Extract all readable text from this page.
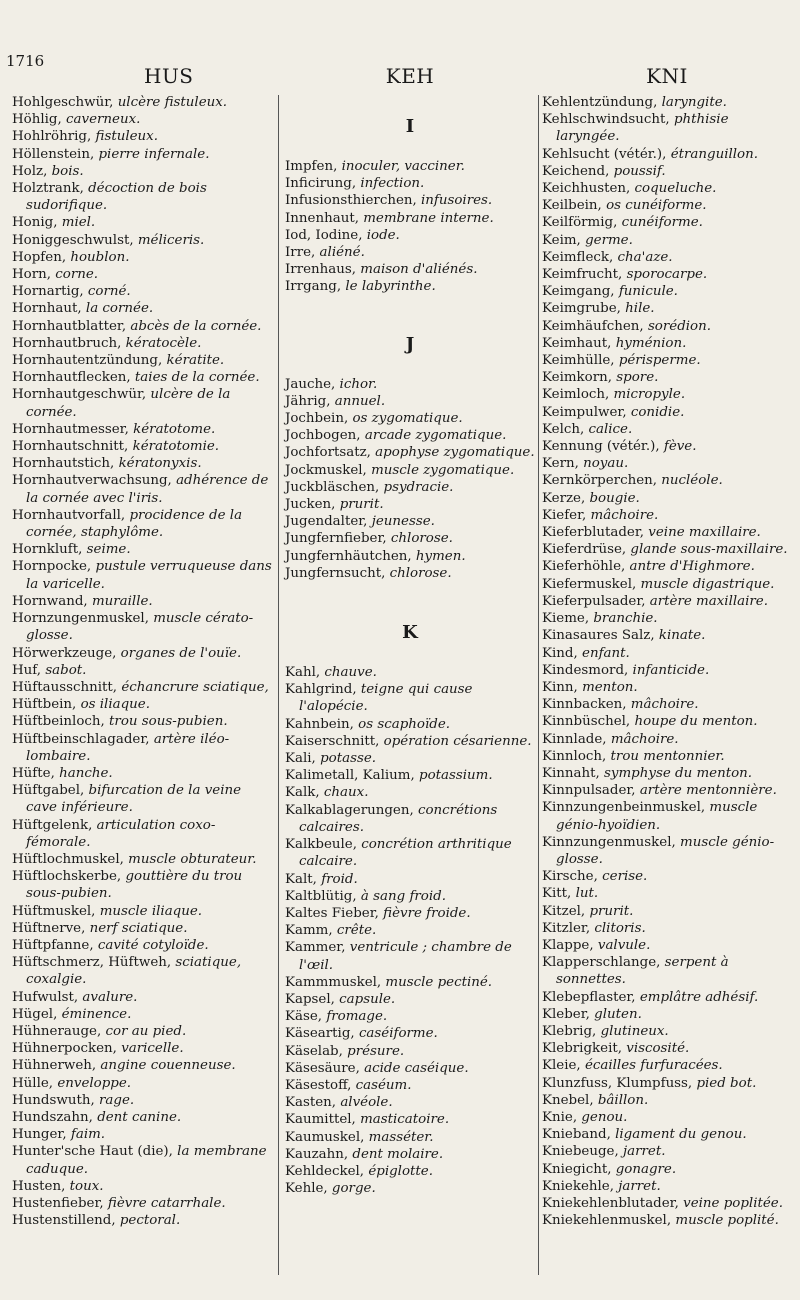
1716
HUS
Hohlgeschwür, ulcère fistuleux.
Höhlig, caverneux.
Hohlröhrig, fistuleux.
Höllenstein, pierre infernale.
Holz, bois.
Holztrank, décoction de bois sudorifique.
Honig, miel.
Honiggeschwulst, méliceris.
Hopfen, houblon.
Horn, corne.
Hornartig, corné.
Hornhaut, la cornée.
Hornhautblatter, abcès de la cornée.
Hornhautbruch, kératocèle.
Hornhautentzündung, kératite.
Hornhautflecken, taies de la cornée.
Hornhautgeschwür, ulcère de la cornée.
Hornhautmesser, kératotome.
Hornhautschnitt, kératotomie.
Hornhautstich, kératonyxis.
Hornhautverwachsung, adhérence de la cornée avec l'iris.
Hornhautvorfall, procidence de la cornée, staphylôme.
Hornkluft, seime.
Hornpocke, pustule verruqueuse dans la varicelle.
Hornwand, muraille.
Hornzungenmuskel, muscle cérato-glosse.
Hörwerkzeuge, organes de l'ouïe.
Huf, sabot.
Hüftausschnitt, échancrure sciatique,
Hüftbein, os iliaque.
Hüftbeinloch, trou sous-pubien.
Hüftbeinschlagader, artère iléo-lombaire.
Hüfte, hanche.
Hüftgabel, bifurcation de la veine cave inférieure.
Hüftgelenk, articulation coxo-fémorale.
Hüftlochmuskel, muscle obturateur.
Hüftlochskerbe, gouttière du trou sous-pubien.
Hüftmuskel, muscle iliaque.
Hüftnerve, nerf sciatique.
Hüftpfanne, cavité cotyloïde.
Hüftschmerz, Hüftweh, sciatique, coxalgie.
Hufwulst, avalure.
Hügel, éminence.
Hühnerauge, cor au pied.
Hühnerpocken, varicelle.
Hühnerweh, angine couenneuse.
Hülle, enveloppe.
Hundswuth, rage.
Hundszahn, dent canine.
Hunger, faim.
Hunter'sche Haut (die), la membrane caduque.
Husten, toux.
Hustenfieber, fièvre catarrhale.
Hustenstillend, pectoral.
KEH
I
Impfen, inoculer, vacciner.
Inficirung, infection.
Infusionsthierchen, infusoires.
Innenhaut, membrane interne.
Iod, Iodine, iode.
Irre, aliéné.
Irrenhaus, maison d'aliénés.
Irrgang, le labyrinthe.
J
Jauche, ichor.
Jährig, annuel.
Jochbein, os zygomatique.
Jochbogen, arcade zygomatique.
Jochfortsatz, apophyse zygomatique.
Jockmuskel, muscle zygomatique.
Juckbläschen, psydracie.
Jucken, prurit.
Jugendalter, jeunesse.
Jungfernfieber, chlorose.
Jungfernhäutchen, hymen.
Jungfernsucht, chlorose.
K
Kahl, chauve.
Kahlgrind, teigne qui cause l'alopécie.
Kahnbein, os scaphoïde.
Kaiserschnitt, opération césarienne.
Kali, potasse.
Kalimetall, Kalium, potassium.
Kalk, chaux.
Kalkablagerungen, concrétions calcaires.
Kalkbeule, concrétion arthritique calcaire.
Kalt, froid.
Kaltblütig, à sang froid.
Kaltes Fieber, fièvre froide.
Kamm, crête.
Kammer, ventricule ; chambre de l'œil.
Kammmuskel, muscle pectiné.
Kapsel, capsule.
Käse, fromage.
Käseartig, caséiforme.
Käselab, présure.
Käsesäure, acide caséique.
Käsestoff, caséum.
Kasten, alvéole.
Kaumittel, masticatoire.
Kaumuskel, masséter.
Kauzahn, dent molaire.
Kehldeckel, épiglotte.
Kehle, gorge.
KNI
Kehlentzündung, laryngite.
Kehlschwindsucht, phthisie laryngée.
Kehlsucht (vétér.), étranguillon.
Keichend, poussif.
Keichhusten, coqueluche.
Keilbein, os cunéiforme.
Keilförmig, cunéiforme.
Keim, germe.
Keimfleck, cha'aze.
Keimfrucht, sporocarpe.
Keimgang, funicule.
Keimgrube, hile.
Keimhäufchen, sorédion.
Keimhaut, hyménion.
Keimhülle, périsperme.
Keimkorn, spore.
Keimloch, micropyle.
Keimpulwer, conidie.
Kelch, calice.
Kennung (vétér.), fève.
Kern, noyau.
Kernkörperchen, nucléole.
Kerze, bougie.
Kiefer, mâchoire.
Kieferblutader, veine maxillaire.
Kieferdrüse, glande sous-maxillaire.
Kieferhöhle, antre d'Highmore.
Kiefermuskel, muscle digastrique.
Kieferpulsader, artère maxillaire.
Kieme, branchie.
Kinasaures Salz, kinate.
Kind, enfant.
Kindesmord, infanticide.
Kinn, menton.
Kinnbacken, mâchoire.
Kinnbüschel, houpe du menton.
Kinnlade, mâchoire.
Kinnloch, trou mentonnier.
Kinnaht, symphyse du menton.
Kinnpulsader, artère mentonnière.
Kinnzungenbeinmuskel, muscle génio-hyoïdien.
Kinnzungenmuskel, muscle génio-glosse.
Kirsche, cerise.
Kitt, lut.
Kitzel, prurit.
Kitzler, clitoris.
Klappe, valvule.
Klapperschlange, serpent à sonnettes.
Klebepflaster, emplâtre adhésif.
Kleber, gluten.
Klebrig, glutineux.
Klebrigkeit, viscosité.
Kleie, écailles furfuracées.
Klunzfuss, Klumpfuss, pied bot.
Knebel, bâillon.
Knie, genou.
Knieband, ligament du genou.
Kniebeuge, jarret.
Kniegicht, gonagre.
Kniekehle, jarret.
Kniekehlenblutader, veine poplitée.
Kniekehlenmuskel, muscle poplité.
